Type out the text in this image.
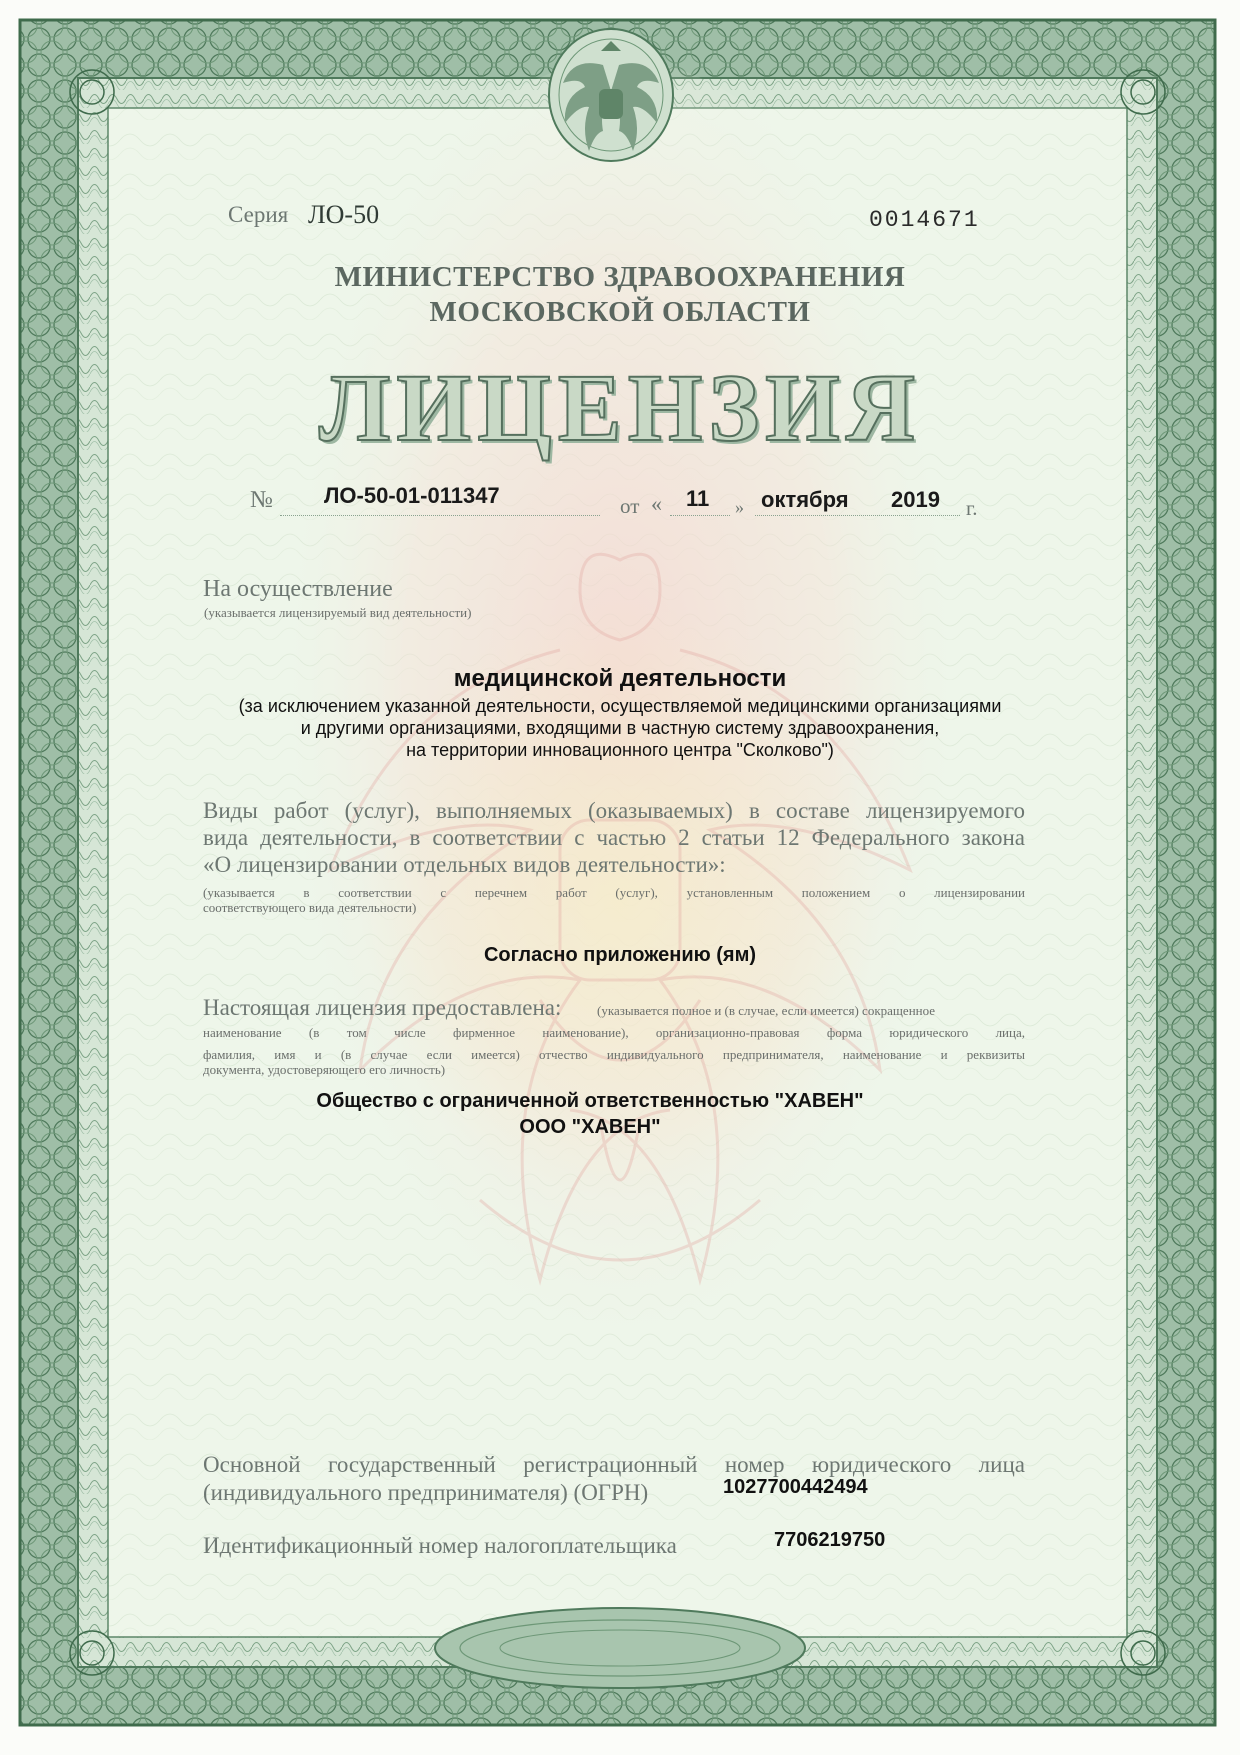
Серия ЛО-50	0014671
МИНИСТЕРСТВО ЗДРАВООХРАНЕНИЯ
МОСКОВСКОЙ ОБЛАСТИ
ЛИЦЕНЗИЯ
№ ЛО-50-01-011347	от « 11 » октября 2019 г.
На осуществление
(указывается лицензируемый вид деятельности)
медицинской деятельности
(за исключением указанной деятельности, осуществляемой медицинскими организациями
и другими организациями, входящими в частную систему здравоохранения,
на территории инновационного центра "Сколково")
Виды работ (услуг), выполняемых (оказываемых) в составе лицензируемого
вида деятельности, в соответствии с частью 2 статьи 12 Федерального закона
«О лицензировании отдельных видов деятельности»:
(указывается в соответствии с перечнем работ (услуг), установленным положением о лицензировании
соответствующего вида деятельности)
Согласно приложению (ям)
Настоящая лицензия предоставлена:	(указывается полное и (в случае, если имеется) сокращенное
наименование (в том числе фирменное наименование), организационно-правовая форма юридического лица,
фамилия, имя и (в случае если имеется) отчество индивидуального предпринимателя, наименование и реквизиты
документа, удостоверяющего его личность)
Общество с ограниченной ответственностью "ХАВЕН"
ООО "ХАВЕН"
Основной государственный регистрационный номер юридического лица
(индивидуального предпринимателя) (ОГРН)	1027700442494
Идентификационный номер налогоплательщика	7706219750
